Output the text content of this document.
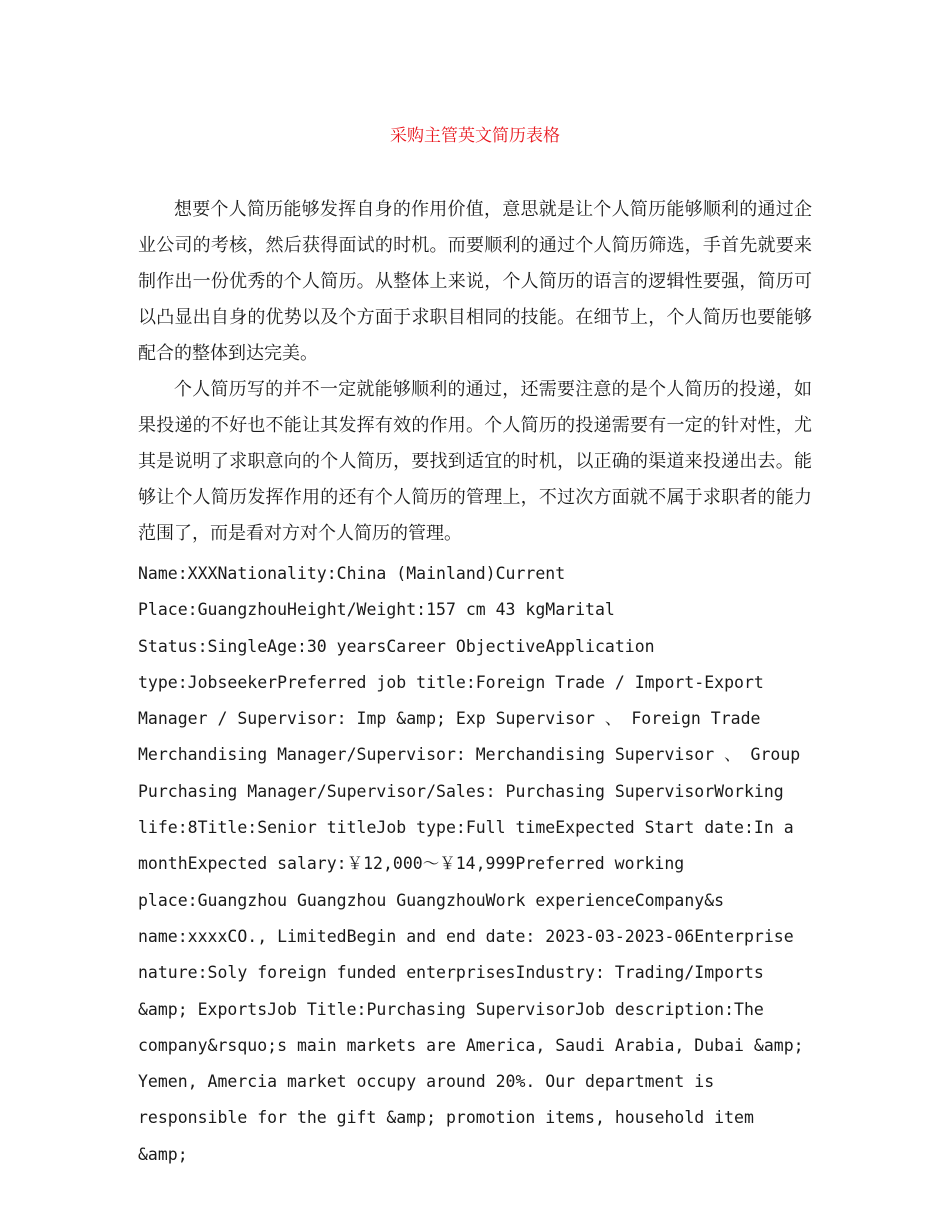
采购主管英文简历表格

想要个人简历能够发挥自身的作用价值，意思就是让个人简历能够顺利的通过企业公司的考核，然后获得面试的时机。而要顺利的通过个人简历筛选，手首先就要来制作出一份优秀的个人简历。从整体上来说，个人简历的语言的逻辑性要强，简历可以凸显出自身的优势以及个方面于求职目相同的技能。在细节上，个人简历也要能够配合的整体到达完美。

个人简历写的并不一定就能够顺利的通过，还需要注意的是个人简历的投递，如果投递的不好也不能让其发挥有效的作用。个人简历的投递需要有一定的针对性，尤其是说明了求职意向的个人简历，要找到适宜的时机，以正确的渠道来投递出去。能够让个人简历发挥作用的还有个人简历的管理上，不过次方面就不属于求职者的能力范围了，而是看对方对个人简历的管理。

Name:XXXNationality:China (Mainland)Current Place:GuangzhouHeight/Weight:157 cm 43 kgMarital Status:SingleAge:30 yearsCareer ObjectiveApplication type:JobseekerPreferred job title:Foreign Trade / Import-Export Manager / Supervisor: Imp &amp; Exp Supervisor 、 Foreign Trade Merchandising Manager/Supervisor: Merchandising Supervisor 、 Group Purchasing Manager/Supervisor/Sales: Purchasing SupervisorWorking life:8Title:Senior titleJob type:Full timeExpected Start date:In a monthExpected salary:￥12,000～￥14,999Preferred working place:Guangzhou Guangzhou GuangzhouWork experienceCompany&s name:xxxxCO., LimitedBegin and end date: 2023-03-2023-06Enterprise nature:Soly foreign funded enterprisesIndustry: Trading/Imports &amp; ExportsJob Title:Purchasing SupervisorJob description:The company&rsquo;s main markets are America, Saudi Arabia, Dubai &amp; Yemen, Amercia market occupy around 20%. Our department is responsible for the gift &amp; promotion items, household item &amp;
